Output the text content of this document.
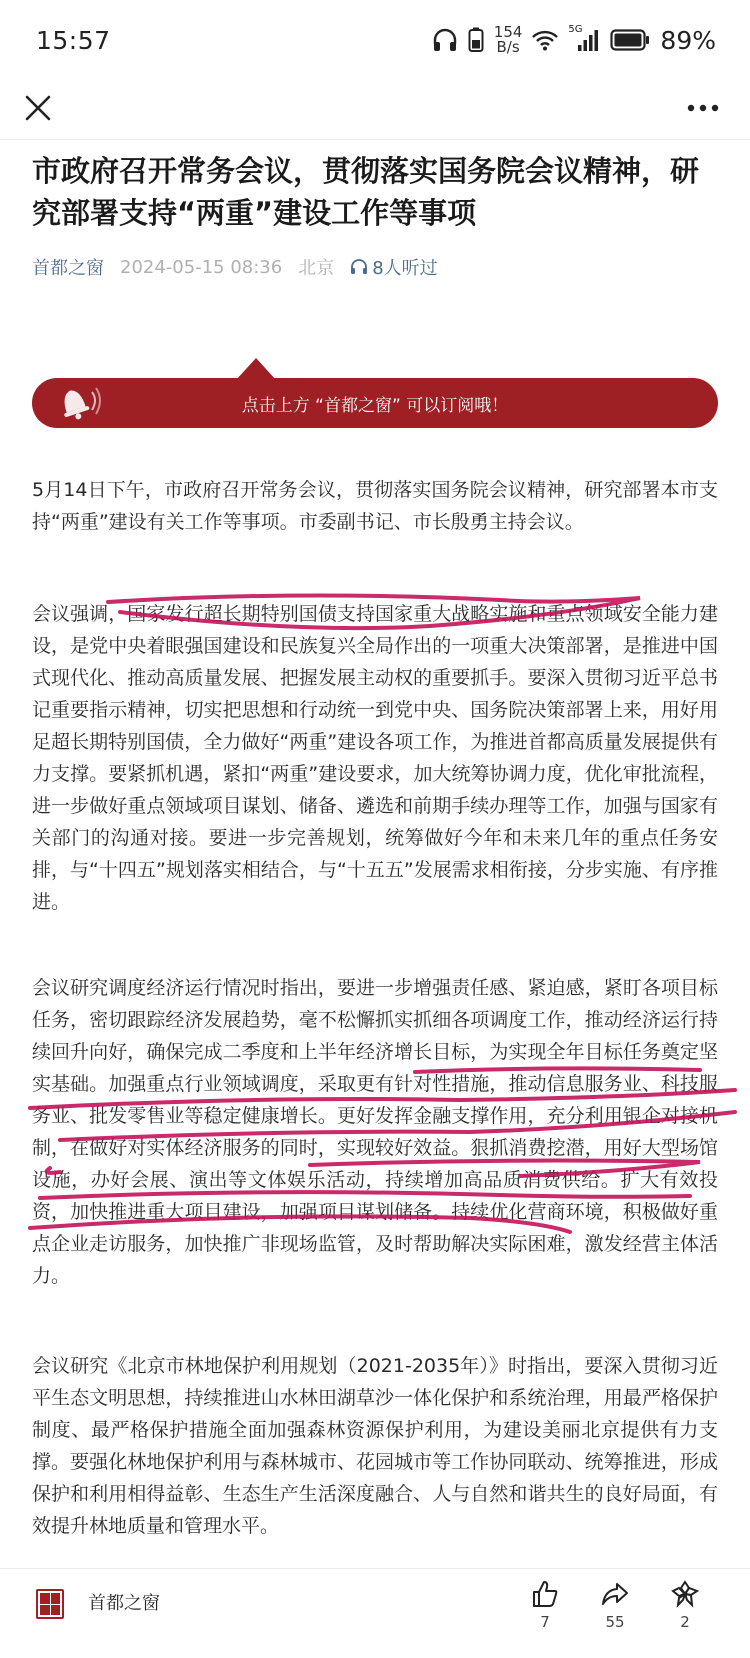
15:57	154
B/s
5G	89%
市政府召开常务会议，贯彻落实国务院会议精神，研究部署支持“两重”建设工作等事项
首都之窗 2024-05-15 08:36 北京 8人听过
点击上方 “首都之窗” 可以订阅哦！

5月14日下午，市政府召开常务会议，贯彻落实国务院会议精神，研究部署本市支持“两重”建设有关工作等事项。市委副书记、市长殷勇主持会议。

会议强调，国家发行超长期特别国债支持国家重大战略实施和重点领域安全能力建设，是党中央着眼强国建设和民族复兴全局作出的一项重大决策部署，是推进中国式现代化、推动高质量发展、把握发展主动权的重要抓手。要深入贯彻习近平总书记重要指示精神，切实把思想和行动统一到党中央、国务院决策部署上来，用好用足超长期特别国债，全力做好“两重”建设各项工作，为推进首都高质量发展提供有力支撑。要紧抓机遇，紧扣“两重”建设要求，加大统筹协调力度，优化审批流程，进一步做好重点领域项目谋划、储备、遴选和前期手续办理等工作，加强与国家有关部门的沟通对接。要进一步完善规划，统筹做好今年和未来几年的重点任务安排，与“十四五”规划落实相结合，与“十五五”发展需求相衔接，分步实施、有序推进。

会议研究调度经济运行情况时指出，要进一步增强责任感、紧迫感，紧盯各项目标任务，密切跟踪经济发展趋势，毫不松懈抓实抓细各项调度工作，推动经济运行持续回升向好，确保完成二季度和上半年经济增长目标，为实现全年目标任务奠定坚实基础。加强重点行业领域调度，采取更有针对性措施，推动信息服务业、科技服务业、批发零售业等稳定健康增长。更好发挥金融支撑作用，充分利用银企对接机制，在做好对实体经济服务的同时，实现较好效益。狠抓消费挖潜，用好大型场馆设施，办好会展、演出等文体娱乐活动，持续增加高品质消费供给。扩大有效投资，加快推进重大项目建设，加强项目谋划储备。持续优化营商环境，积极做好重点企业走访服务，加快推广非现场监管，及时帮助解决实际困难，激发经营主体活力。

会议研究《北京市林地保护利用规划（2021-2035年）》时指出，要深入贯彻习近平生态文明思想，持续推进山水林田湖草沙一体化保护和系统治理，用最严格保护制度、最严格保护措施全面加强森林资源保护利用，为建设美丽北京提供有力支撑。要强化林地保护利用与森林城市、花园城市等工作协同联动、统筹推进，形成保护和利用相得益彰、生态生产生活深度融合、人与自然和谐共生的良好局面，有效提升林地质量和管理水平。

首都之窗
7	55	2
